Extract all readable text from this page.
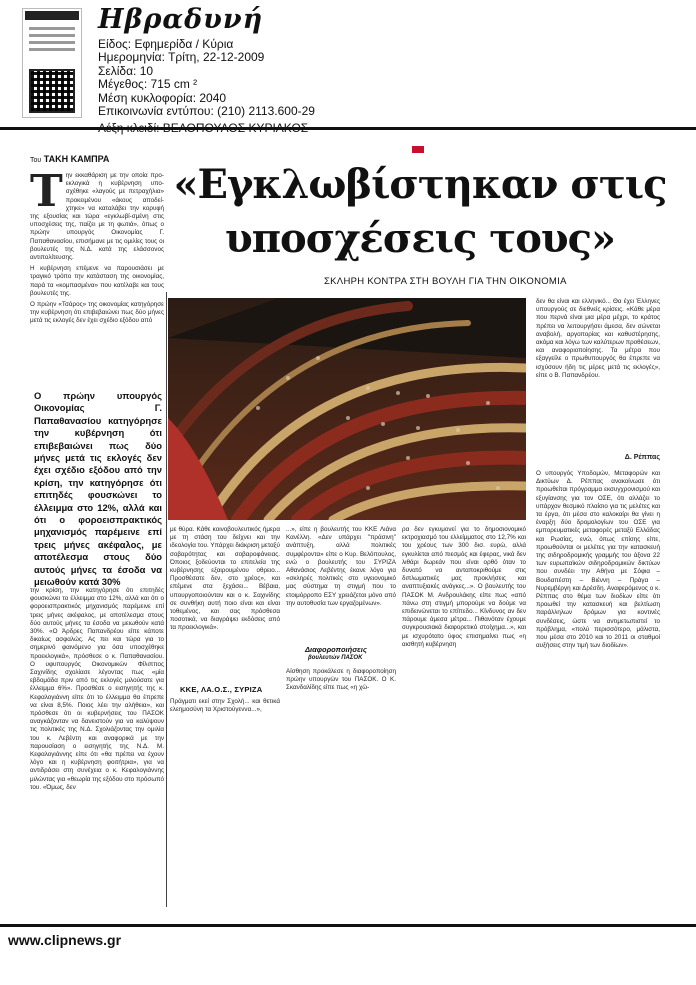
Ηβραδυνή
Είδος: Εφημερίδα / Κύρια
Ημερομηνία: Τρίτη, 22-12-2009
Σελίδα: 10
Μέγεθος: 715 cm ²
Μέση κυκλοφορία: 2040
Επικοινωνία εντύπου: (210) 2113.600-29
Του ΤΑΚΗ ΚΑΜΠΡΑ
«Εγκλωβίστηκαν στις
υποσχέσεις τους»
ΣΚΛΗΡΗ ΚΟΝΤΡΑ ΣΤΗ ΒΟΥΛΗ ΓΙΑ ΤΗΝ ΟΙΚΟΝΟΜΙΑ

Την εκκαθάριση με την οποία προ-εκλογικά η κυβέρνηση υπο-σχέθηκε «λαγούς με πετραχήλια» προκειμένου «άκους αποδεί-χτηκε» να καταλάβει την κορυφή της εξουσίας και τώρα «εγκλωβί-σμένη στις υποσχέσεις της, παίζει με τη φωτιά», όπως ο πρώην υπουργός Οικονομίας Γ. Παπαθανασίου, επισήμανε με τις ομιλίες τους οι βουλευτές της Ν.Δ. κατά της ελάσσονος αντιπολίτευσης.

Η κυβέρνηση επέμενε να παρουσιάσει με τραγικό τρόπο την κατάσταση της οικονομίας, παρά τα «κομπασμένα» που κατέλαβε και τους βουλευτές της.

Ο πρώην «Τσάρος» της οικονομίας κατηγόρησε την κυβέρνηση ότι επιβεβαιώνει πως δύο μήνες μετά τις εκλογές δεν έχει σχέδιο εξόδου από

Ο πρώην υπουργός Οικονομίας Γ. Παπαθανασίου κατηγόρησε την κυβέρνηση ότι επιβεβαιώνει πως δύο μήνες μετά τις εκλογές δεν έχει σχέδιο εξόδου από την κρίση, την κατηγόρησε ότι επιτηδές φουσκώνει το έλλειμμα στο 12%, αλλά και ότι ο φοροεισπρακτικός μηχανισμός παρέμεινε επί τρεις μήνες ακέφαλος, με αποτέλεσμα στους δύο αυτούς μήνες τα έσοδα να μειωθούν κατά 30%
την κρίση, την κατηγόρησε ότι επιτηδές φουσκώνει το έλλειμμα στο 12%, αλλά και ότι ο φοροεισπρακτικός μηχανισμός παρέμεινε επί τρεις μήνες ακέφαλος, με αποτέλεσμα στους δύο αυτούς μήνες τα έσοδα να μειωθούν κατά 30%. «Ο Άρδρες Παπανδρέου είπε κάποτε δικαίως ασφαλώς. Ας πει και τώρα για το σημερινό φαινόμενο για όσα υποσχέθηκε προεκλογικά», πρόσθεσε ο κ. Παπαθανασίου. Ο υφυπουργός Οικονομικών Φίλιππος Σαχινίδης σχολίασε λέγοντας πως «μία εβδομάδα πριν από τις εκλογές μιλούσατε για έλλειμμα 6%». Προσθέσε ο εισηγητής της κ. Κεφαλογιάννη είπε ότι το έλλειμμα θα έπρεπε να είναι 8,5%. Ποιος λέει την αλήθεια», και πρόσθεσε ότι οι κυβερνήσεις του ΠΑΣΟΚ αναγκάζονταν να δανειστούν για να καλύψουν τις πολιτικές της Ν.Δ. Σχολιάζοντας την ομιλία του κ. Λεβέντη και αναφορικά με την παρουσίαση ο εισηγητής της Ν.Δ. Μ. Κεφαλογιάννης είπε ότι «θα πρέπει να έχουν λόγο και η κυβέρνηση φοιτήτρια», για να αντιδράσει στη συνέχεια ο κ. Κεφαλογιάννης μιλώντας για «θεωρία της εξόδου στο πρόσωπό του. «Όμως, δεν
με θύρα. Κάθε κοινοβουλευτικός ήμερα με τη στάση του δείχνει και την ιδεολογία του. Υπάρχει διάκριση μεταξύ σοβαρότητας και σοβαροφάνειας. Όποιος ξοδεύονται το επιτελεία της κυβέρνησης εξαιρουμένου οθρειο... Προσθέσατε δεν, στο χρέος», και επέμενε στα ξεχάσει... Βέβαια, υπουργοποιούνταν και ο κ. Σαχινίδης σε συνθήκη αυτή ποιο είναι και είναι τοθεμένος, και σας πρόσθεσα ποσοτικά, να διαγράψει εκδόσεις από τα προεκλογικά».
ΚΚΕ, ΛΑ.Ο.Σ., ΣΥΡΙΖΑ
Πράγματι εκεί στην Σχολή... και θετικά ελεημοσύνη τα Χριστούγεννα...»,
...», είπε η βουλευτής του ΚΚΕ Λιάνα Κανέλλη. «Δεν υπάρχει ''πράσινη'' ανάπτυξη, αλλά πολιτικές συμφέροντα» είπε ο Κυρ. Βελόπουλος, ενώ ο βουλευτής του ΣΥΡΙΖΑ Αθανάσιος Λεβέντης έκανε λόγο για «σκληρές πολιτικές στο υγειονομικό μας σύστημα τη στιγμή που το ετοιμόρροπο ΕΣΥ χρειάζεται μόνο από την αυτοθυσία των εργαζομένων».
Διαφοροποιήσεις
βουλευτών ΠΑΣΟΚ
Αίσθηση προκάλεσε η διαφοροποίηση πρώην υπουργών του ΠΑΣΟΚ. Ο Κ. Σκανδαλίδης είπε πως «η χώ-
ρα δεν εγκυμονεί για το δημοσιονομικό εκτροχιασμό του ελλείμματος στο 12,7% και του χρέους των 300 δισ. ευρώ, αλλά εγκυλίεται από πιεσμός και έφερας, νικά δεν λιθάρι δωρεάν που είναι ορθό όταν το δυνατό να ανταποκριθούμε στις διπλωματικές μας προκλήσεις και αναπτυξιακές ανάγκες...». Ο βουλευτής του ΠΑΣΟΚ Μ. Ανδρουλάκης είπε πως «από πάνω στη στιγμή μπορούμε να δούμε να επιδεινώνεται το επίπεδο... Κίνδυνος αν δεν πάρουμε άμεσα μέτρα... Πιθανόταν έχουμε συγκρουσιακά διαφορετικό στοίχημα...», και με ισχυρότατο ύφος επισημαίνει πως «η αισθητή κυβέρνηση
δεν θα είναι και ελληνικό... Θα έχει Έλληνες υπουργούς σε διεθνείς κρίσεις. «Κάθε μέρα που περνά είναι μια μέρα μέχρι, το κράτος πρέπει να λειτουργήσει άμεσα, δεν σώνεται αναβολή, αργοπορίας και καθυστέρησης, ακόμα και λόγω των καλύτερων προθέσεων, και αναφοριοποίησης. Τα μέτρα που εξαγγείλε ο πρωθυπουργός θα έπρεπε να ισχύσουν ήδη τις μέρες μετά τις εκλογές», είπε ο Β. Παπανδρέου.
Δ. Ρέππας
Ο υπουργός Υποδομών, Μεταφορών και Δικτύων Δ. Ρέππας ανακοίνωσε ότι προωθείται πρόγραμμα εκσυγχρονισμού και εξυγίανσης για τον ΟΣΕ, ότι αλλάζει το υπάρχον θεσμικό πλαίσιο για τις μελέτες και τα έργα, ότι μέσα στο καλοκαίρι θα γίνει η έναρξη δύο δρομολογίων του ΟΣΕ για εμπορευματικές μεταφορές μεταξύ Ελλάδας και Ρωσίας, ενώ, όπως επίσης είπε, προωθούνται οι μελέτες για την κατασκευή της σιδηροδρομικής γραμμής του άξονα 22 των ευρωπαϊκών σιδηροδρομικών δικτύων που συνδέει την Αθήνα με Σόφια – Βουδαπέστη – Βιέννη – Πράγα – Νυρεμβέργη και Δρέσδη. Αναφερόμενος ο κ. Ρέππας στο θέμα των διοδίων είπε ότι προωθεί την κατασκευή και βελτίωση παράλληλων δρόμων για κοντινές συνδέσεις, ώστε να αντιμετωπιστεί το πρόβλημα, «πολύ περισσότερο, μάλιστα, που μέσα στο 2010 και το 2011 οι σταθμοί αυξήσεις στην τιμή των διοδίων».
www.clipnews.gr
